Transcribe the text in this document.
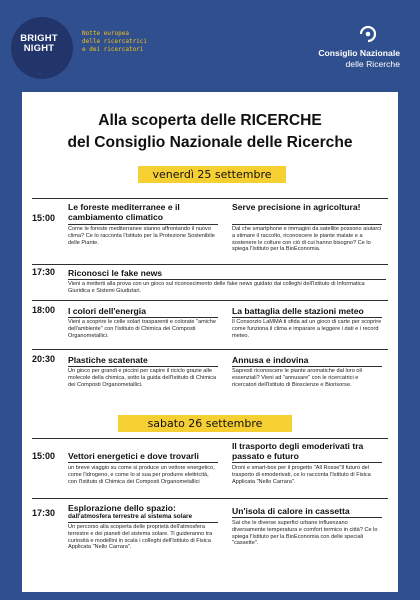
BRIGHT
NIGHT
Notte europea
delle ricercatrici
e dei ricercatori	Consiglio Nazionale
delle Ricerche
Alla scoperta delle RICERCHE
del Consiglio Nazionale delle Ricerche
venerdì 25 settembre
15:00
Le foreste mediterranee e il cambiamento climatico
Come le foreste mediterranee stanno affrontando il nuovo clima? Ce lo racconta l'Istituto per la Protezione Sostenibile delle Piante.
Serve precisione in agricoltura!
Dal che smartphone e immagini da satellite possono aiutarci a stimare il raccolto, riconoscere le piante malate e a sostenere le colture con ciò di cui hanno bisogno? Ce lo spiega l'Istituto per la BioEconomia.
17:30 Riconosci le fake news
Vieni a metterti alla prova con un gioco sul riconoscimento delle fake news guidato dai colleghi dell'Istituto di Informatica Giuridica e Sistemi Giudiziari.
18:00 I colori dell'energia
Vieni a scoprire le celle solari trasparenti e colorate "amiche dell'ambiente" con l'Istituto di Chimica dei Composti Organometallici.
La battaglia delle stazioni meteo
Il Consorzio LaMMA ti sfida ad un gioco di carte per scoprire come funziona il clima e imparare a leggere i dati e i record meteo.
20:30 Plastiche scatenate
Un gioco per grandi e piccini per capire il riciclo grazie alle molecole della chimica, sotto la guida dell'Istituto di Chimica dei Composti Organometallici.
Annusa e indovina
Sapresti riconoscere le piante aromatiche dal loro oli essenziali? Vieni ad "annusare" con le ricercatrici e ricercatori dell'Istituto di Bioscienze e Biorisorse.
sabato 26 settembre
15:00 Vettori energetici e dove trovarli
un breve viaggio su come si produce un vettore energetico, come l'idrogeno, e come lo si sua per produrre elettricità, con l'Istituto di Chimica dei Composti Organometallici
Il trasporto degli emoderivati tra passato e futuro
Droni e smart-box per il progetto "All Rosse"Il futuro del trasporto di emoderivati, ce lo racconta l'Istituto di Fisica Applicata "Nello Carrara".
17:30 Esplorazione dello spazio:
dall'atmosfera terrestre al sistema solare
Un percorso alla scoperta delle proprietà dell'atmosfera terrestre e dei pianeti del sistema solare. Ti guideranno tra curiosità e modellini in scala i colleghi dell'Istituto di Fisica Applicata "Nello Carrara".
Un'isola di calore in cassetta
Sai che le diverse superfici urbane influenzano diversamente temperatura e comfort termico in città? Ce lo spiega l'Istituto per la BioEconomia con delle speciali "cassette".
